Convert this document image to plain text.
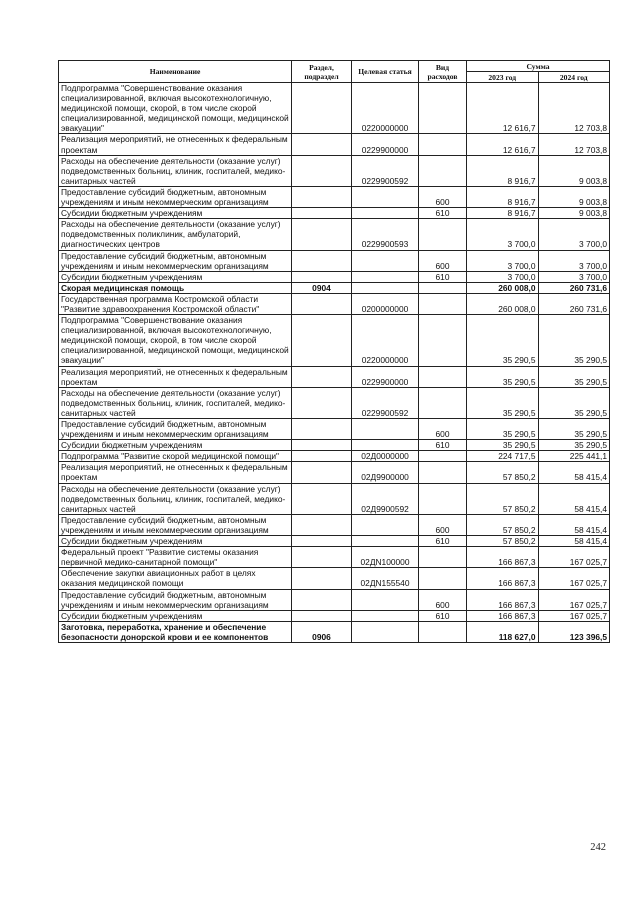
Наименование	Раздел, подраздел	Целевая статья	Вид расходов	Сумма	
				2023 год	2024 год
Подпрограмма "Совершенствование оказания специализированной, включая высокотехнологичную, медицинской помощи, скорой, в том числе скорой специализированной, медицинской помощи, медицинской эвакуации"		0220000000		12 616,7	12 703,8
Реализация мероприятий, не отнесенных к федеральным проектам		0229900000		12 616,7	12 703,8
Расходы на обеспечение деятельности (оказание услуг) подведомственных больниц, клиник, госпиталей, медико-санитарных частей		0229900592		8 916,7	9 003,8
Предоставление субсидий бюджетным, автономным учреждениям и иным некоммерческим организациям			600	8 916,7	9 003,8
Субсидии бюджетным учреждениям			610	8 916,7	9 003,8
Расходы на обеспечение деятельности (оказание услуг) подведомственных поликлиник, амбулаторий, диагностических центров		0229900593		3 700,0	3 700,0
Предоставление субсидий бюджетным, автономным учреждениям и иным некоммерческим организациям			600	3 700,0	3 700,0
Субсидии бюджетным учреждениям			610	3 700,0	3 700,0
Скорая медицинская помощь	0904			260 008,0	260 731,6
Государственная программа Костромской области "Развитие здравоохранения Костромской области"		0200000000		260 008,0	260 731,6
Подпрограмма "Совершенствование оказания специализированной, включая высокотехнологичную, медицинской помощи, скорой, в том числе скорой специализированной, медицинской помощи, медицинской эвакуации"		0220000000		35 290,5	35 290,5
Реализация мероприятий, не отнесенных к федеральным проектам		0229900000		35 290,5	35 290,5
Расходы на обеспечение деятельности (оказание услуг) подведомственных больниц, клиник, госпиталей, медико-санитарных частей		0229900592		35 290,5	35 290,5
Предоставление субсидий бюджетным, автономным учреждениям и иным некоммерческим организациям			600	35 290,5	35 290,5
Субсидии бюджетным учреждениям			610	35 290,5	35 290,5
Подпрограмма "Развитие скорой медицинской помощи"		02Д0000000		224 717,5	225 441,1
Реализация мероприятий, не отнесенных к федеральным проектам		02Д9900000		57 850,2	58 415,4
Расходы на обеспечение деятельности (оказание услуг) подведомственных больниц, клиник, госпиталей, медико-санитарных частей		02Д9900592		57 850,2	58 415,4
Предоставление субсидий бюджетным, автономным учреждениям и иным некоммерческим организациям			600	57 850,2	58 415,4
Субсидии бюджетным учреждениям			610	57 850,2	58 415,4
Федеральный проект "Развитие системы оказания первичной медико-санитарной помощи"		02ДN100000		166 867,3	167 025,7
Обеспечение закупки авиационных работ в целях оказания медицинской помощи		02ДN155540		166 867,3	167 025,7
Предоставление субсидий бюджетным, автономным учреждениям и иным некоммерческим организациям			600	166 867,3	167 025,7
Субсидии бюджетным учреждениям			610	166 867,3	167 025,7
Заготовка, переработка, хранение и обеспечение безопасности донорской крови и ее компонентов	0906			118 627,0	123 396,5
242
